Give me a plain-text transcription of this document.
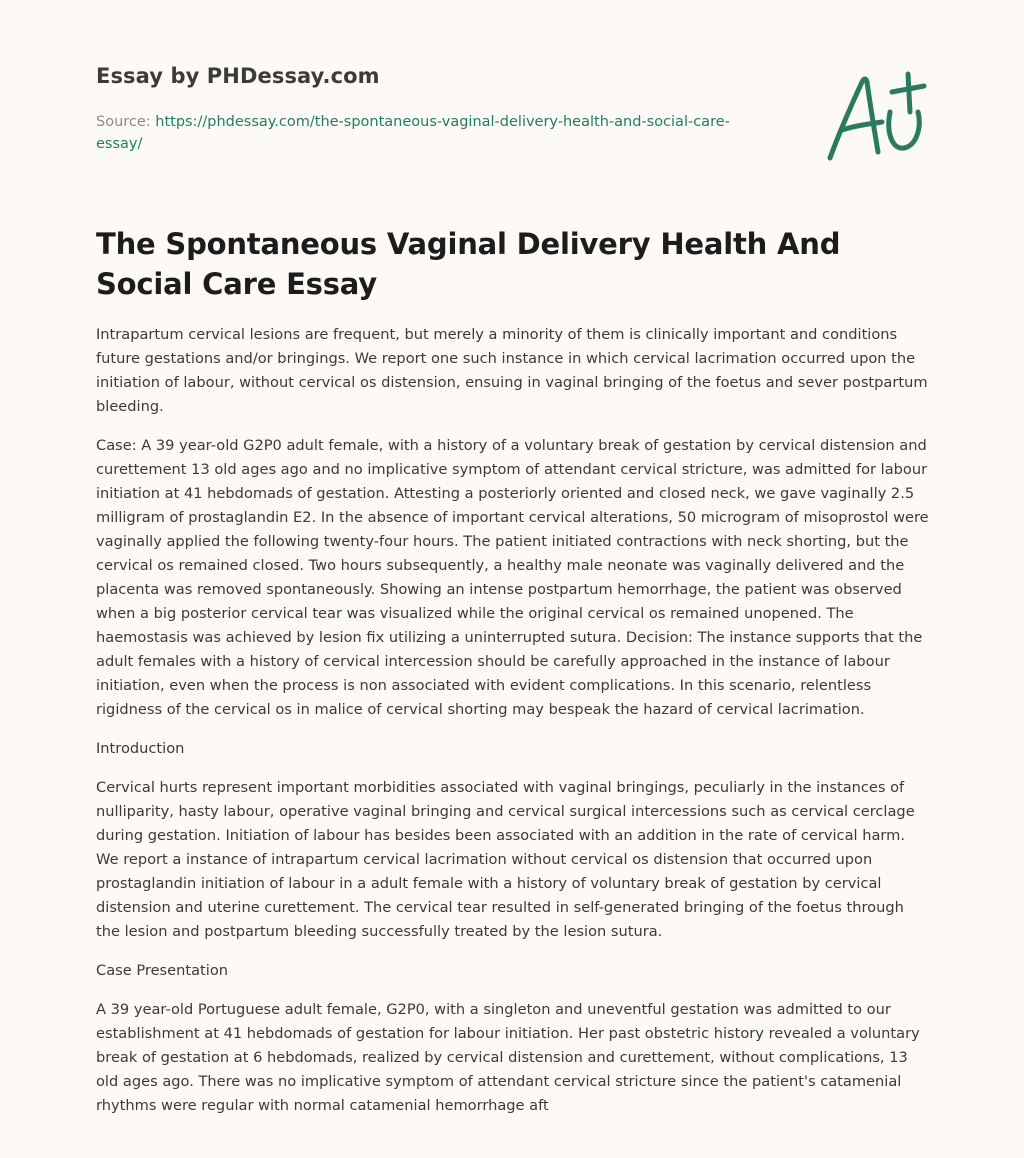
Essay by PHDessay.com
Source: https://phdessay.com/the-spontaneous-vaginal-delivery-health-and-social-care-essay/
The Spontaneous Vaginal Delivery Health And Social Care Essay

Intrapartum cervical lesions are frequent, but merely a minority of them is clinically important and conditions future gestations and/or bringings. We report one such instance in which cervical lacrimation occurred upon the initiation of labour, without cervical os distension, ensuing in vaginal bringing of the foetus and sever postpartum bleeding.

Case: A 39 year-old G2P0 adult female, with a history of a voluntary break of gestation by cervical distension and curettement 13 old ages ago and no implicative symptom of attendant cervical stricture, was admitted for labour initiation at 41 hebdomads of gestation. Attesting a posteriorly oriented and closed neck, we gave vaginally 2.5 milligram of prostaglandin E2. In the absence of important cervical alterations, 50 microgram of misoprostol were vaginally applied the following twenty-four hours. The patient initiated contractions with neck shorting, but the cervical os remained closed. Two hours subsequently, a healthy male neonate was vaginally delivered and the placenta was removed spontaneously. Showing an intense postpartum hemorrhage, the patient was observed when a big posterior cervical tear was visualized while the original cervical os remained unopened. The haemostasis was achieved by lesion fix utilizing a uninterrupted sutura. Decision: The instance supports that the adult females with a history of cervical intercession should be carefully approached in the instance of labour initiation, even when the process is non associated with evident complications. In this scenario, relentless rigidness of the cervical os in malice of cervical shorting may bespeak the hazard of cervical lacrimation.

Introduction

Cervical hurts represent important morbidities associated with vaginal bringings, peculiarly in the instances of nulliparity, hasty labour, operative vaginal bringing and cervical surgical intercessions such as cervical cerclage during gestation. Initiation of labour has besides been associated with an addition in the rate of cervical harm. We report a instance of intrapartum cervical lacrimation without cervical os distension that occurred upon prostaglandin initiation of labour in a adult female with a history of voluntary break of gestation by cervical distension and uterine curettement. The cervical tear resulted in self-generated bringing of the foetus through the lesion and postpartum bleeding successfully treated by the lesion sutura.

Case Presentation

A 39 year-old Portuguese adult female, G2P0, with a singleton and uneventful gestation was admitted to our establishment at 41 hebdomads of gestation for labour initiation. Her past obstetric history revealed a voluntary break of gestation at 6 hebdomads, realized by cervical distension and curettement, without complications, 13 old ages ago. There was no implicative symptom of attendant cervical stricture since the patient's catamenial rhythms were regular with normal catamenial hemorrhage aft
